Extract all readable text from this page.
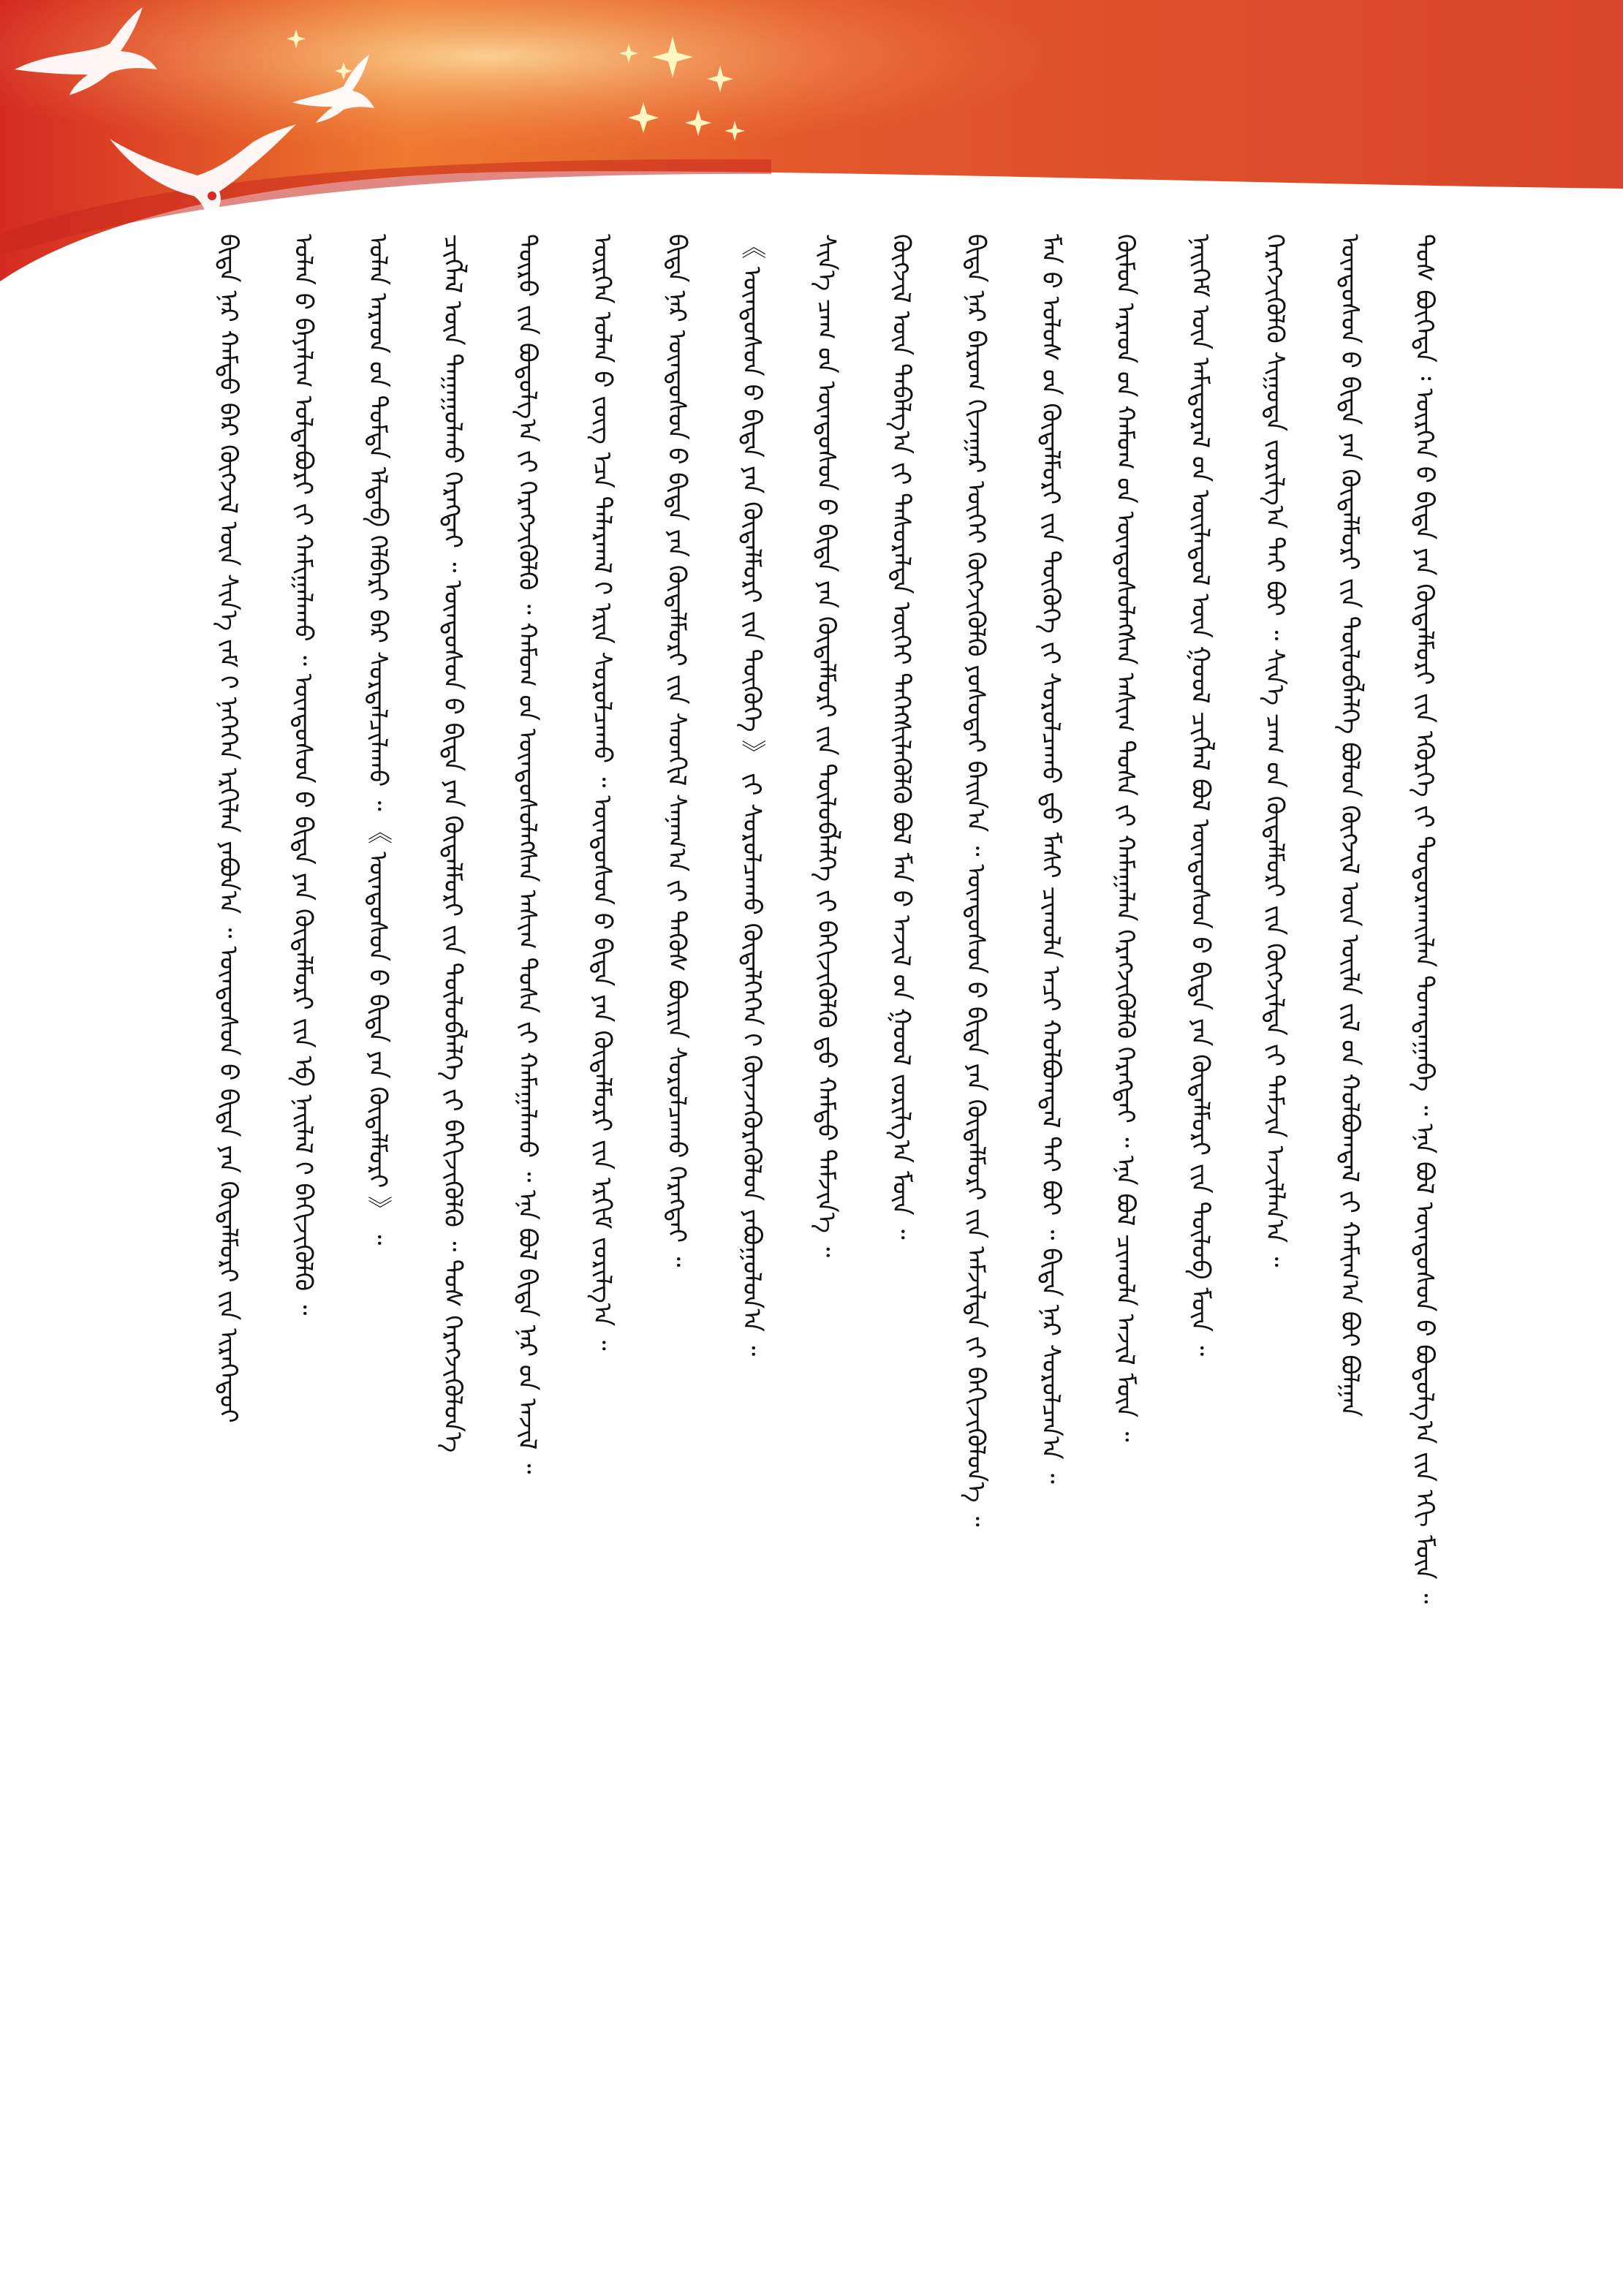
ᠲᠤᠰ ᠪᠦᠭᠡᠳᠡ ᠄ ᠥᠷᠭᠡᠨ ᠤ᠋ ᠪᠢᠳᠡ ᠶᠠᠨ ᠬᠥᠳᠡᠯᠮᠦᠷᠢ ᠶ᠋ᠢᠨ ᠡᠭᠦᠷᠭᠡ ᠶ᠋ᠢ ᠲᠣᠳᠣᠷᠬᠠᠢᠯᠠᠨ ᠲᠣᠭᠲᠠᠭᠠᠪᠠ ᠃ ᠡᠨᠡ ᠪᠣᠯ ᠦᠨᠳᠦᠰᠦᠨ ᠤ᠋ ᠪᠣᠳᠤᠯᠭ᠎ᠠ ᠶ᠋ᠢᠨ ᠡᠬᠢ ᠮᠥᠨ ᠃
ᠦᠨᠳᠦᠰᠦᠨ ᠤ᠋ ᠪᠢᠳᠡ ᠶᠠᠨ ᠬᠥᠳᠡᠯᠮᠦᠷᠢ ᠶ᠋ᠢᠨ ᠲᠥᠯᠦᠪᠯᠡᠯᠭᠡ ᠪᠣᠯᠤᠨ ᠬᠥᠭᠵᠢᠯ ᠦᠨ ᠦᠢᠯᠡ ᠵᠢᠯ ᠤ᠋ᠨ ᠬᠣᠯᠪᠣᠭᠳᠠᠯ ᠶ᠋ᠢ ᠬᠠᠮᠢᠭ᠎ᠠ ᠪᠤᠢ ᠪᠣᠯᠭᠠᠨ
ᠬᠡᠷᠡᠭᠵᠢᠭᠦᠯᠬᠦ ᠰᠢᠭᠤᠳᠠ ᠵᠣᠷᠢᠯᠭ᠎ᠠ ᠲᠠᠢ ᠪᠤᠢ ᠃ ᠰᠢᠨ᠎ᠡ ᠴᠠᠭ ᠤ᠋ᠨ ᠬᠥᠳᠡᠯᠮᠦᠷᠢ ᠶ᠋ᠢᠨ ᠬᠥᠭᠵᠢᠯᠲᠡ ᠶ᠋ᠢ ᠳᠡᠮᠵᠢᠨ ᠠᠵᠢᠯᠯᠠᠨ᠎ᠠ ᠃
ᠨᠡᠢᠭᠡᠮ ᠦᠨ ᠠᠮᠢᠳᠤᠷᠠᠯ ᠤ᠋ᠨ ᠦᠢᠯᠡᠳᠦᠯ ᠦᠨ ᠭᠣᠣᠯ ᠴᠢᠭᠯᠡᠯ ᠪᠣᠯ ᠦᠨᠳᠦᠰᠦᠨ ᠤ᠋ ᠪᠢᠳᠡ ᠶᠠᠨ ᠬᠥᠳᠡᠯᠮᠦᠷᠢ ᠶ᠋ᠢᠨ ᠲᠥᠯᠦᠪ ᠮᠥᠨ ᠃
ᠬᠦᠮᠦᠨ ᠠᠷᠠᠳ ᠤ᠋ᠨ ᠬᠠᠮᠤᠭ ᠤ᠋ᠨ ᠦᠨᠳᠦᠰᠦᠯᠡᠭᠰᠡᠨ ᠠᠰᠢᠭ ᠲᠤᠰᠠ ᠶ᠋ᠢ ᠬᠠᠮᠠᠭᠠᠯᠠᠨ ᠬᠡᠷᠡᠭᠵᠢᠭᠦᠯᠬᠦ ᠬᠡᠷᠡᠭᠲᠡᠢ ᠃ ᠡᠨᠡ ᠪᠣᠯ ᠴᠢᠬᠤᠯᠠ ᠠᠵᠢᠯ ᠮᠥᠨ ᠃
ᠮᠠᠨ ᠤ᠋ ᠤᠯᠤᠰ ᠤ᠋ᠨ ᠬᠥᠳᠡᠯᠮᠦᠷᠢ ᠶ᠋ᠢᠨ ᠲᠦᠭᠦᠬᠡ ᠶ᠋ᠢ ᠰᠤᠷᠤᠯᠴᠠᠬᠤ ᠳ᠋ᠤ᠌ ᠮᠠᠰᠢ ᠴᠢᠬᠤᠯᠠ ᠠᠴᠢ ᠬᠣᠯᠪᠤᠭᠳᠠᠯ ᠲᠠᠢ ᠪᠤᠢ ᠃ ᠪᠢᠳᠡ ᠨᠠᠷ ᠰᠤᠷᠤᠯᠴᠠᠨ᠎ᠠ ᠃
ᠪᠢᠳᠡ ᠨᠠᠷ ᠪᠠᠷᠤᠭ ᠬᠢᠵᠠᠭᠠᠷ ᠦᠭᠡᠢ ᠬᠥᠭᠵᠢᠭᠦᠯᠬᠦ ᠶᠣᠰᠣᠲᠠᠢ ᠪᠠᠢᠨ᠎ᠠ ᠃ ᠦᠨᠳᠦᠰᠦᠨ ᠤ᠋ ᠪᠢᠳᠡ ᠶᠠᠨ ᠬᠥᠳᠡᠯᠮᠦᠷᠢ ᠶ᠋ᠢᠨ ᠠᠮᠵᠢᠯᠲᠠ ᠶ᠋ᠢ ᠪᠡᠬᠢᠵᠢᠭᠦᠯᠦᠨ᠎ᠡ ᠃
ᠬᠥᠭᠵᠢᠯ ᠦᠨ ᠳᠠᠪᠠᠯᠭ᠎ᠠ ᠶ᠋ᠢ ᠲᠠᠰᠤᠷᠠᠯᠲᠠ ᠦᠭᠡᠢ ᠳᠡᠭᠡᠭᠰᠢᠯᠡᠭᠦᠯᠬᠦ ᠪᠣᠯ ᠮᠠᠨ ᠤ᠋ ᠠᠵᠢᠯ ᠤ᠋ᠨ ᠭᠣᠣᠯ ᠵᠣᠷᠢᠯᠭ᠎ᠠ ᠮᠥᠨ ᠃
ᠰᠢᠨ᠎ᠡ ᠴᠠᠭ ᠤ᠋ᠨ ᠦᠨᠳᠦᠰᠦᠨ ᠤ᠋ ᠪᠢᠳᠡ ᠶᠠᠨ ᠬᠥᠳᠡᠯᠮᠦᠷᠢ ᠶ᠋ᠢᠨ ᠲᠥᠯᠦᠪᠯᠡᠯᠭᠡ ᠶ᠋ᠢ ᠪᠡᠬᠢᠵᠢᠭᠦᠯᠬᠦ ᠳ᠋ᠤ᠌ ᠬᠠᠮᠲᠤ ᠳᠡᠮᠵᠢᠨ᠎ᠡ ᠃
《 ᠦᠨᠳᠦᠰᠦᠨ ᠤ᠋ ᠪᠢᠳᠡ ᠶᠠᠨ ᠬᠥᠳᠡᠯᠮᠦᠷᠢ ᠶ᠋ᠢᠨ ᠲᠦᠭᠦᠬᠡ 》 ᠶ᠋ᠢ ᠰᠤᠷᠤᠯᠴᠠᠬᠤ ᠬᠥᠳᠡᠯᠭᠡᠭᠡᠨ ᠢ᠋ ᠭᠦᠨᠵᠡᠭᠦᠷᠡᠭᠦᠯᠦᠨ ᠶᠠᠪᠤᠭᠤᠯᠤᠨ᠎ᠠ ᠃
ᠪᠢᠳᠡ ᠨᠠᠷ ᠦᠨᠳᠦᠰᠦᠨ ᠤ᠋ ᠪᠢᠳᠡ ᠶᠠᠨ ᠬᠥᠳᠡᠯᠮᠦᠷᠢ ᠶ᠋ᠢᠨ ᠰᠡᠳᠬᠢᠯ ᠰᠠᠨᠠᠭ᠎ᠠ ᠶ᠋ᠢ ᠲᠡᠭᠦᠰ ᠪᠦᠷᠢᠨ ᠰᠤᠷᠤᠯᠴᠠᠬᠤ ᠬᠡᠷᠡᠭᠲᠡᠢ ᠃
ᠥᠷᠭᠡᠨ ᠣᠯᠠᠨ ᠤ᠋ ᠵᠦᠭ ᠡᠴᠡ ᠲᠠᠯᠠᠷᠬᠠᠯ ᠢ᠋ ᠡᠷᠢᠨ ᠰᠤᠷᠤᠯᠴᠠᠬᠤ ᠃ ᠦᠨᠳᠦᠰᠦᠨ ᠤ᠋ ᠪᠢᠳᠡ ᠶᠠᠨ ᠬᠥᠳᠡᠯᠮᠦᠷᠢ ᠶ᠋ᠢᠨ ᠡᠷᠬᠢᠮ ᠵᠣᠷᠢᠯᠭ᠎ᠠ ᠃
ᠲᠥᠷᠥ ᠶ᠋ᠢᠨ ᠪᠣᠳᠣᠯᠭ᠎ᠠ ᠶ᠋ᠢ ᠬᠡᠷᠡᠭᠵᠢᠭᠦᠯᠬᠦ ᠃ ᠬᠠᠮᠤᠭ ᠤ᠋ᠨ ᠦᠨᠳᠦᠰᠦᠯᠡᠭᠰᠡᠨ ᠠᠰᠢᠭ ᠲᠤᠰᠠ ᠶ᠋ᠢ ᠬᠠᠮᠠᠭᠠᠯᠠᠬᠤ ᠃ ᠡᠨᠡ ᠪᠣᠯ ᠪᠢᠳᠡ ᠨᠠᠷ ᠤ᠋ᠨ ᠠᠵᠢᠯ ᠃
ᠴᠢᠭᠯᠡᠯ ᠦᠨ ᠳᠠᠭᠠᠭᠤᠯᠬᠤ ᠬᠡᠷᠡᠭᠲᠡᠢ ᠃ ᠦᠨᠳᠦᠰᠦᠨ ᠤ᠋ ᠪᠢᠳᠡ ᠶᠠᠨ ᠬᠥᠳᠡᠯᠮᠦᠷᠢ ᠶ᠋ᠢᠨ ᠲᠥᠯᠦᠪᠯᠡᠯᠭᠡ ᠶ᠋ᠢ ᠪᠡᠬᠢᠵᠢᠭᠦᠯᠬᠦ ᠃ ᠲᠤᠰ ᠬᠡᠷᠡᠭᠵᠢᠭᠦᠯᠦᠨ᠎ᠡ
ᠣᠯᠠᠨ ᠠᠷᠠᠳ ᠤ᠋ᠨ ᠳᠤᠮᠳᠠ ᠡᠯᠳᠡᠪ ᠬᠡᠯᠪᠡᠷᠢ ᠪᠡᠷ ᠰᠤᠷᠲᠠᠯᠴᠢᠯᠠᠬᠤ ᠃ 《 ᠦᠨᠳᠦᠰᠦᠨ ᠤ᠋ ᠪᠢᠳᠡ ᠶᠠᠨ ᠬᠥᠳᠡᠯᠮᠦᠷᠢ 》 ᠃
ᠣᠯᠠᠨ ᠤ᠋ ᠪᠠᠶᠠᠯᠢᠭ ᠣᠯᠳᠠᠪᠤᠷᠢ ᠶ᠋ᠢ ᠬᠠᠮᠢᠭᠠᠯᠠᠬᠤ ᠃ ᠦᠨᠳᠦᠰᠦᠨ ᠤ᠋ ᠪᠢᠳᠡ ᠶᠠᠨ ᠬᠥᠳᠡᠯᠮᠦᠷᠢ ᠶ᠋ᠢᠨ ᠡᠪ ᠨᠡᠢᠯᠡᠯ ᠢ᠋ ᠪᠡᠬᠢᠵᠢᠭᠦᠯᠬᠦ ᠃
ᠪᠢᠳᠡ ᠨᠠᠷ ᠬᠠᠮᠲᠤ ᠪᠡᠷ ᠬᠥᠭᠵᠢᠯ ᠦᠨ ᠰᠢᠨ᠎ᠡ ᠵᠠᠮ ᠢ᠋ ᠨᠡᠭᠡᠭᠡᠨ ᠡᠷᠬᠢᠯᠡᠨ ᠶᠠᠪᠤᠨ᠎ᠠ ᠃ ᠦᠨᠳᠦᠰᠦᠨ ᠤ᠋ ᠪᠢᠳᠡ ᠶᠠᠨ ᠬᠥᠳᠡᠯᠮᠦᠷᠢ ᠶ᠋ᠢᠨ ᠢᠷᠡᠭᠡᠳᠦᠢ
